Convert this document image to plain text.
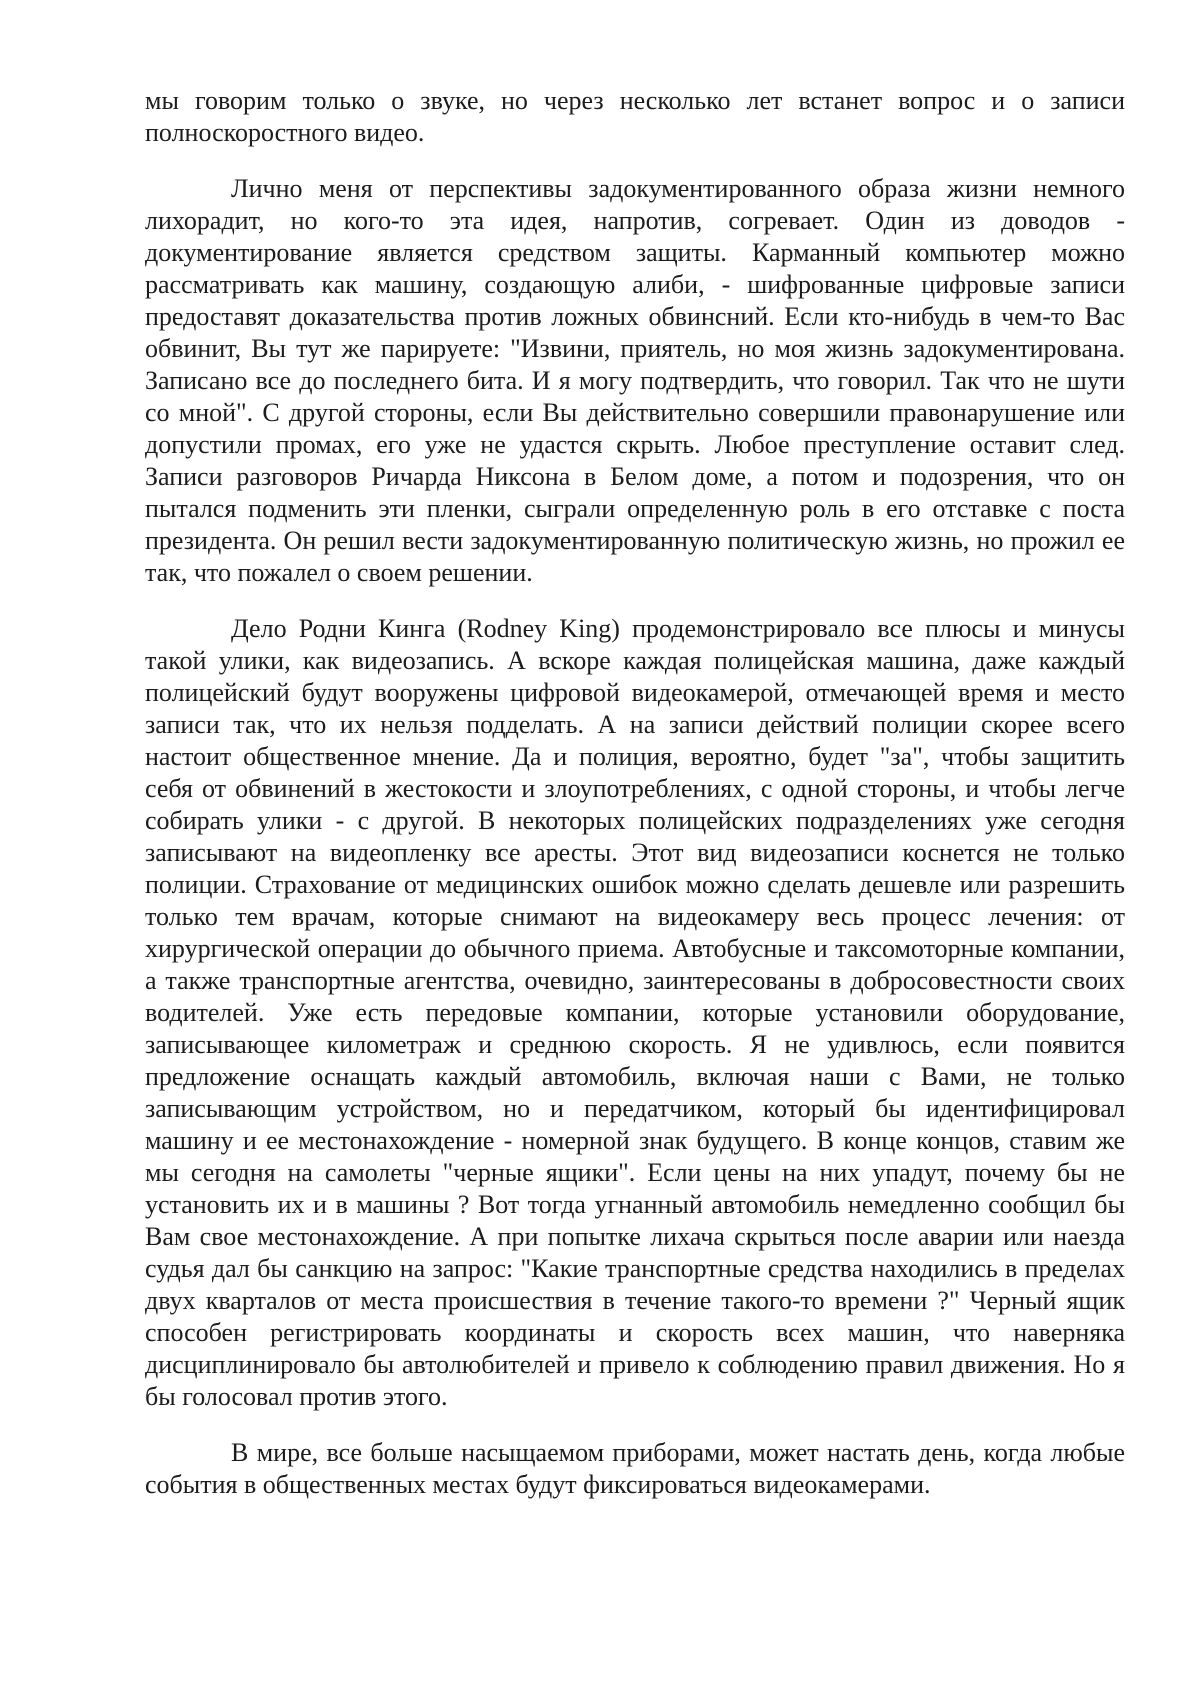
мы говорим только о звуке, но через несколько лет встанет вопрос и о записи полноскоростного видео.

Лично меня от перспективы задокументированного образа жизни немного лихорадит, но кого-то эта идея, напротив, согревает. Один из доводов - документирование является средством защиты. Карманный компьютер можно рассматривать как машину, создающую алиби, - шифрованные цифровые записи предоставят доказательства против ложных обвинсний. Если кто-нибудь в чем-то Вас обвинит, Вы тут же парируете: "Извини, приятель, но моя жизнь задокументирована. Записано все до последнего бита. И я могу подтвердить, что говорил. Так что не шути со мной". С другой стороны, если Вы действительно совершили правонарушение или допустили промах, его уже не удастся скрыть. Любое преступление оставит след. Записи разговоров Ричарда Никсона в Белом доме, а потом и подозрения, что он пытался подменить эти пленки, сыграли определенную роль в его отставке с поста президента. Он решил вести задокументированную политическую жизнь, но прожил ее так, что пожалел о своем решении.

Дело Родни Кинга (Rodney King) продемонстрировало все плюсы и минусы такой улики, как видеозапись. А вскоре каждая полицейская машина, даже каждый полицейский будут вооружены цифровой видеокамерой, отмечающей время и место записи так, что их нельзя подделать. А на записи действий полиции скорее всего настоит общественное мнение. Да и полиция, вероятно, будет "за", чтобы защитить себя от обвинений в жестокости и злоупотреблениях, с одной стороны, и чтобы легче собирать улики - с другой. В некоторых полицейских подразделениях уже сегодня записывают на видеопленку все аресты. Этот вид видеозаписи коснется не только полиции. Страхование от медицинских ошибок можно сделать дешевле или разрешить только тем врачам, которые снимают на видеокамеру весь процесс лечения: от хирургической операции до обычного приема. Автобусные и таксомоторные компании, а также транспортные агентства, очевидно, заинтересованы в добросовестности своих водителей. Уже есть передовые компании, которые установили оборудование, записывающее километраж и среднюю скорость. Я не удивлюсь, если появится предложение оснащать каждый автомобиль, включая наши с Вами, не только записывающим устройством, но и передатчиком, который бы идентифицировал машину и ее местонахождение - номерной знак будущего. В конце концов, ставим же мы сегодня на самолеты "черные ящики". Если цены на них упадут, почему бы не установить их и в машины ? Вот тогда угнанный автомобиль немедленно сообщил бы Вам свое местонахождение. А при попытке лихача скрыться после аварии или наезда судья дал бы санкцию на запрос: "Какие транспортные средства находились в пределах двух кварталов от места происшествия в течение такого-то времени ?" Черный ящик способен регистрировать координаты и скорость всех машин, что наверняка дисциплинировало бы автолюбителей и привело к соблюдению правил движения. Но я бы голосовал против этого.

В мире, все больше насыщаемом приборами, может настать день, когда любые события в общественных местах будут фиксироваться видеокамерами.
